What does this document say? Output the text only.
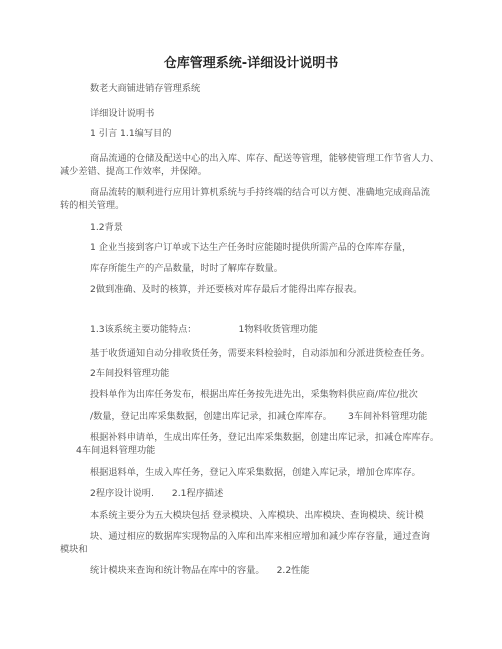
仓库管理系统-详细设计说明书
数老大商铺进销存管理系统
详细设计说明书
1 引言 1.1编写目的
商品流通的仓储及配送中心的出入库、库存、配送等管理，能够使管理工作节省人力、
减少差错、提高工作效率，并保障。
商品流转的顺利进行应用计算机系统与手持终端的结合可以方便、准确地完成商品流
转的相关管理。
1.2背景
1 企业当接到客户订单或下达生产任务时应能随时提供所需产品的仓库库存量，
库存所能生产的产品数量，时时了解库存数量。
2做到准确、及时的核算，并还要核对库存最后才能得出库存报表。
1.3该系统主要功能特点：	1物料收货管理功能
基于收货通知自动分排收货任务，需要来料检验时，自动添加和分派进货检查任务。
2车间投料管理功能
投料单作为出库任务发布，根据出库任务按先进先出，采集物料供应商/库位/批次
/数量，登记出库采集数据，创建出库记录，扣减仓库库存。 3车间补料管理功能
根据补料申请单，生成出库任务，登记出库采集数据，创建出库记录，扣减仓库库存。
4车间退料管理功能
根据退料单，生成入库任务，登记入库采集数据，创建入库记录，增加仓库库存。
2程序设计说明. 2.1程序描述
本系统主要分为五大模块包括 登录模块、入库模块、出库模块、查询模块、统计模
块、通过相应的数据库实现物品的入库和出库来相应增加和减少库存容量，通过查询
模块和
统计模块来查询和统计物品在库中的容量。 2.2性能
